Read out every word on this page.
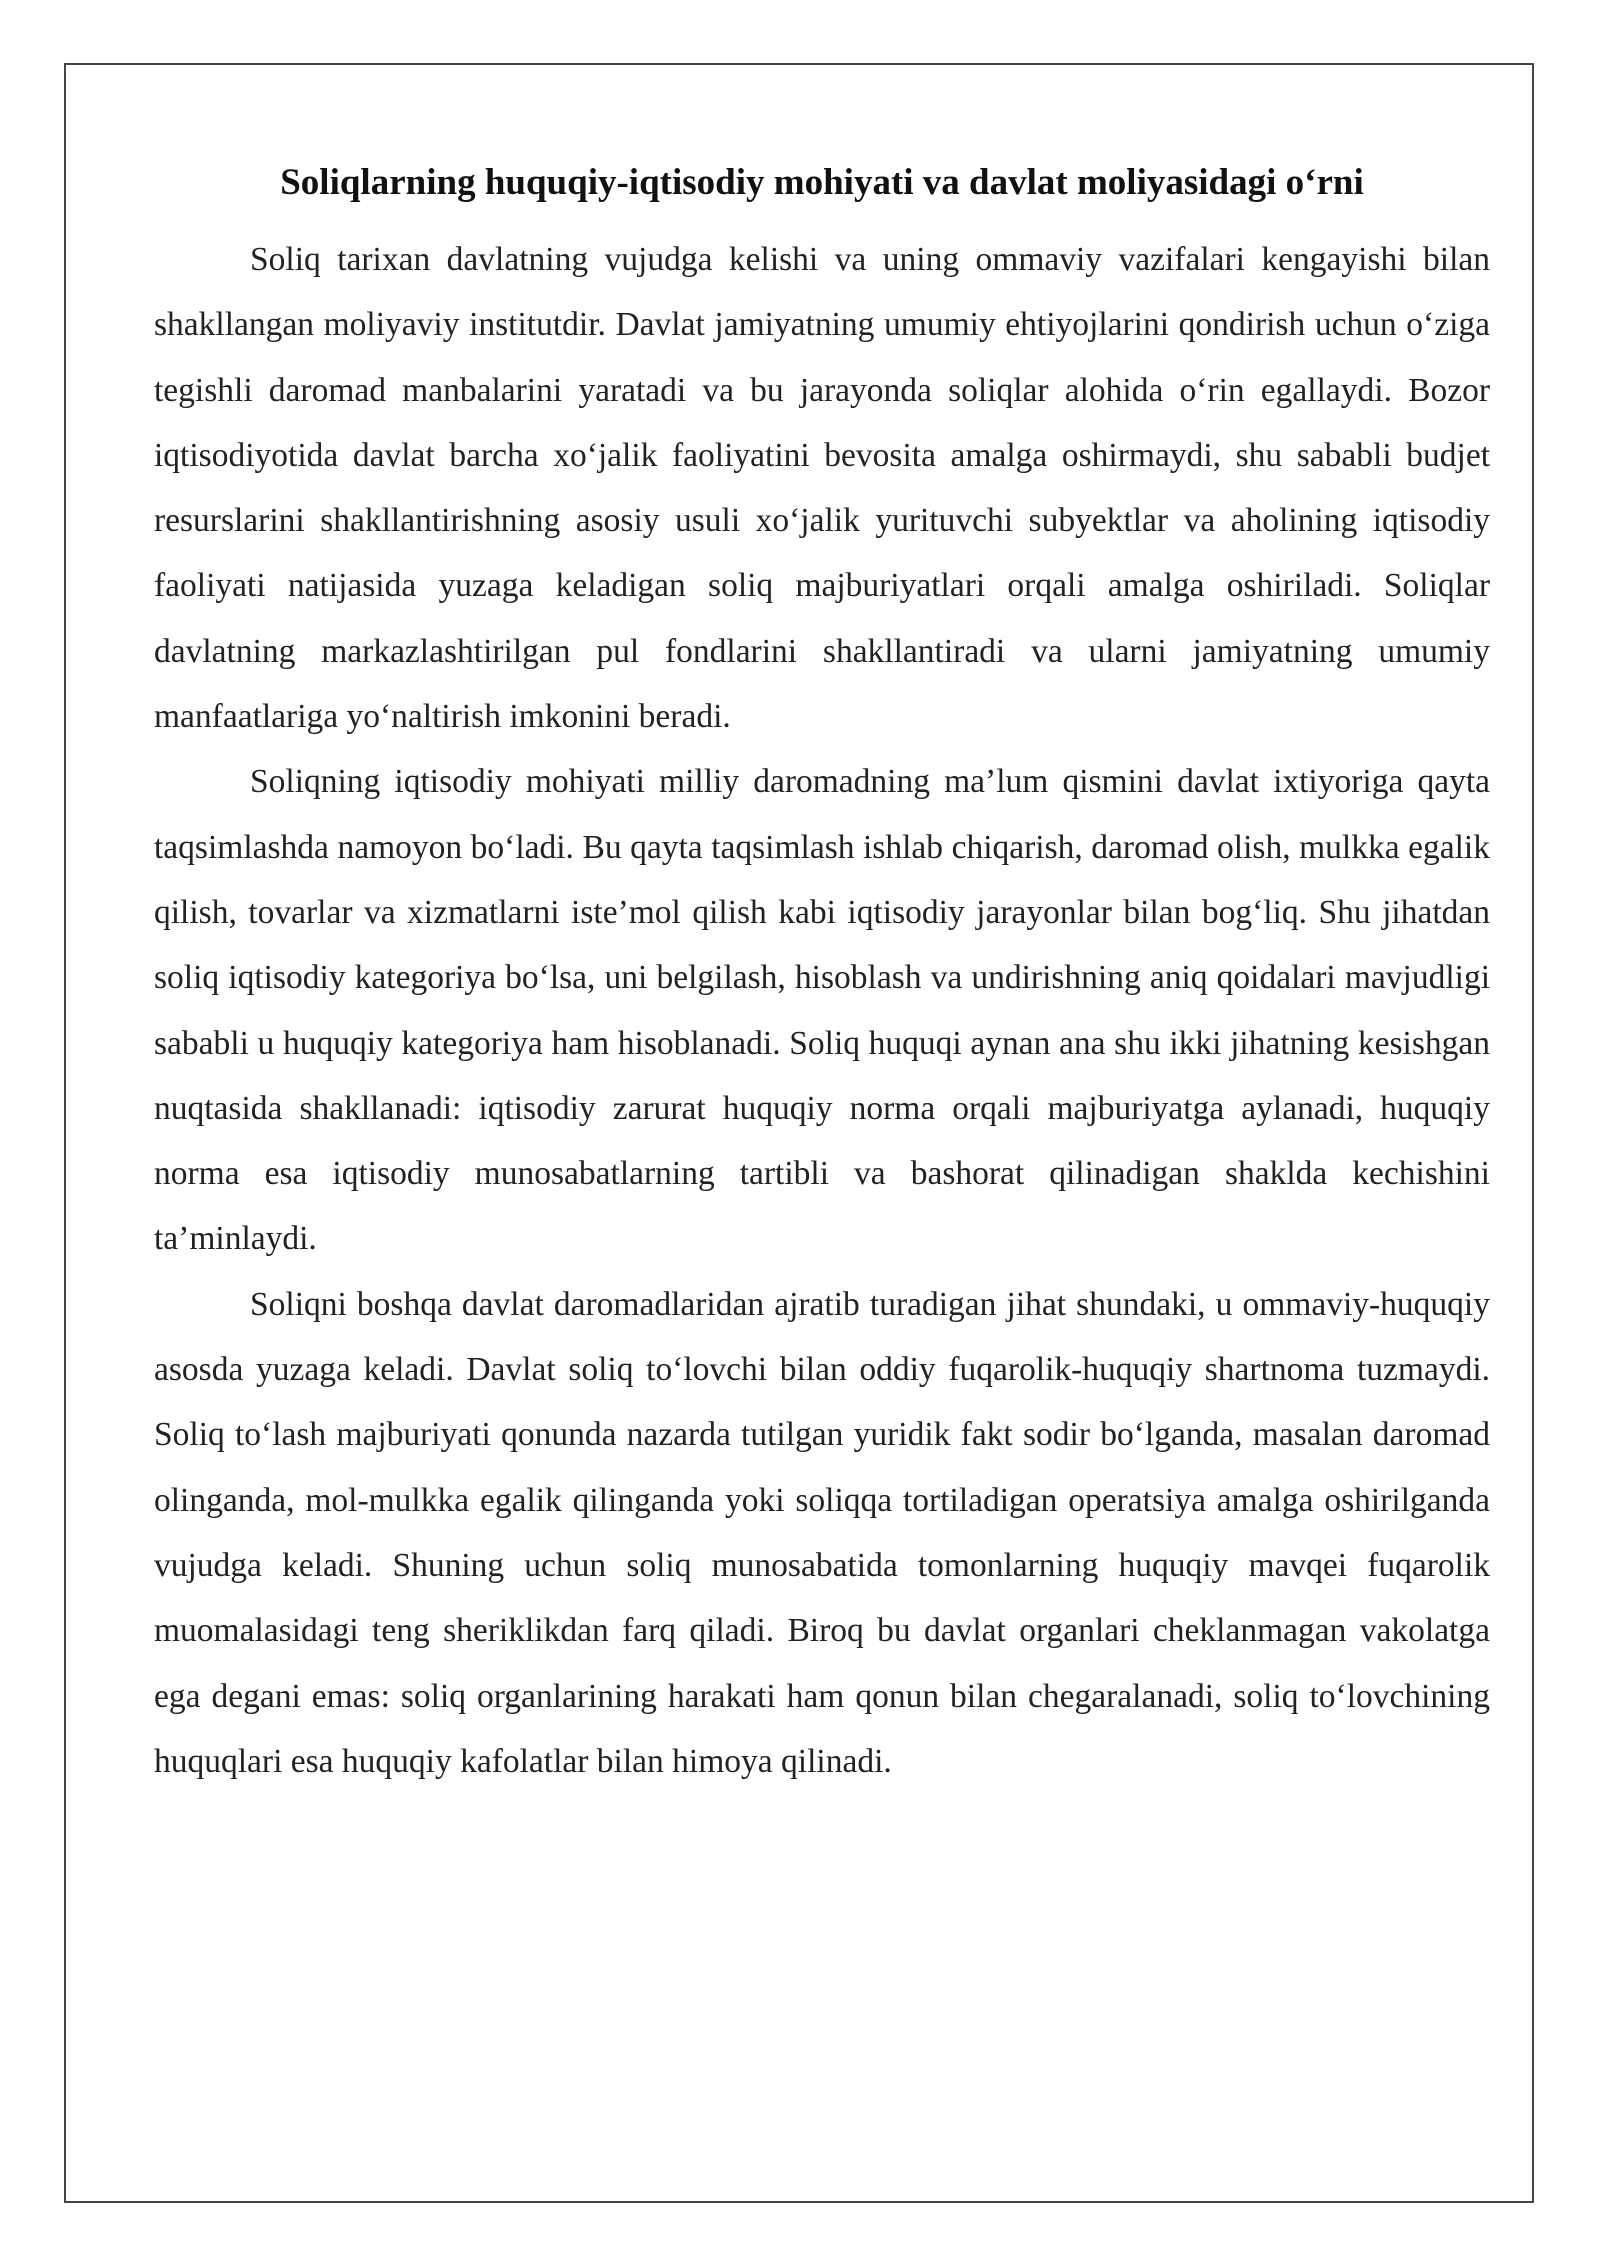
Soliqlarning huquqiy-iqtisodiy mohiyati va davlat moliyasidagi o‘rni

Soliq tarixan davlatning vujudga kelishi va uning ommaviy vazifalari kengayishi bilan shakllangan moliyaviy institutdir. Davlat jamiyatning umumiy ehtiyojlarini qondirish uchun o‘ziga tegishli daromad manbalarini yaratadi va bu jarayonda soliqlar alohida o‘rin egallaydi. Bozor iqtisodiyotida davlat barcha xo‘jalik faoliyatini bevosita amalga oshirmaydi, shu sababli budjet resurslarini shakllantirishning asosiy usuli xo‘jalik yurituvchi subyektlar va aholining iqtisodiy faoliyati natijasida yuzaga keladigan soliq majburiyatlari orqali amalga oshiriladi. Soliqlar davlatning markazlashtirilgan pul fondlarini shakllantiradi va ularni jamiyatning umumiy manfaatlariga yo‘naltirish imkonini beradi.

Soliqning iqtisodiy mohiyati milliy daromadning ma’lum qismini davlat ixtiyoriga qayta taqsimlashda namoyon bo‘ladi. Bu qayta taqsimlash ishlab chiqarish, daromad olish, mulkka egalik qilish, tovarlar va xizmatlarni iste’mol qilish kabi iqtisodiy jarayonlar bilan bog‘liq. Shu jihatdan soliq iqtisodiy kategoriya bo‘lsa, uni belgilash, hisoblash va undirishning aniq qoidalari mavjudligi sababli u huquqiy kategoriya ham hisoblanadi. Soliq huquqi aynan ana shu ikki jihatning kesishgan nuqtasida shakllanadi: iqtisodiy zarurat huquqiy norma orqali majburiyatga aylanadi, huquqiy norma esa iqtisodiy munosabatlarning tartibli va bashorat qilinadigan shaklda kechishini ta’minlaydi.

Soliqni boshqa davlat daromadlaridan ajratib turadigan jihat shundaki, u ommaviy-huquqiy asosda yuzaga keladi. Davlat soliq to‘lovchi bilan oddiy fuqarolik-huquqiy shartnoma tuzmaydi. Soliq to‘lash majburiyati qonunda nazarda tutilgan yuridik fakt sodir bo‘lganda, masalan daromad olinganda, mol-mulkka egalik qilinganda yoki soliqqa tortiladigan operatsiya amalga oshirilganda vujudga keladi. Shuning uchun soliq munosabatida tomonlarning huquqiy mavqei fuqarolik muomalasidagi teng sheriklikdan farq qiladi. Biroq bu davlat organlari cheklanmagan vakolatga ega degani emas: soliq organlarining harakati ham qonun bilan chegaralanadi, soliq to‘lovchining huquqlari esa huquqiy kafolatlar bilan himoya qilinadi.
